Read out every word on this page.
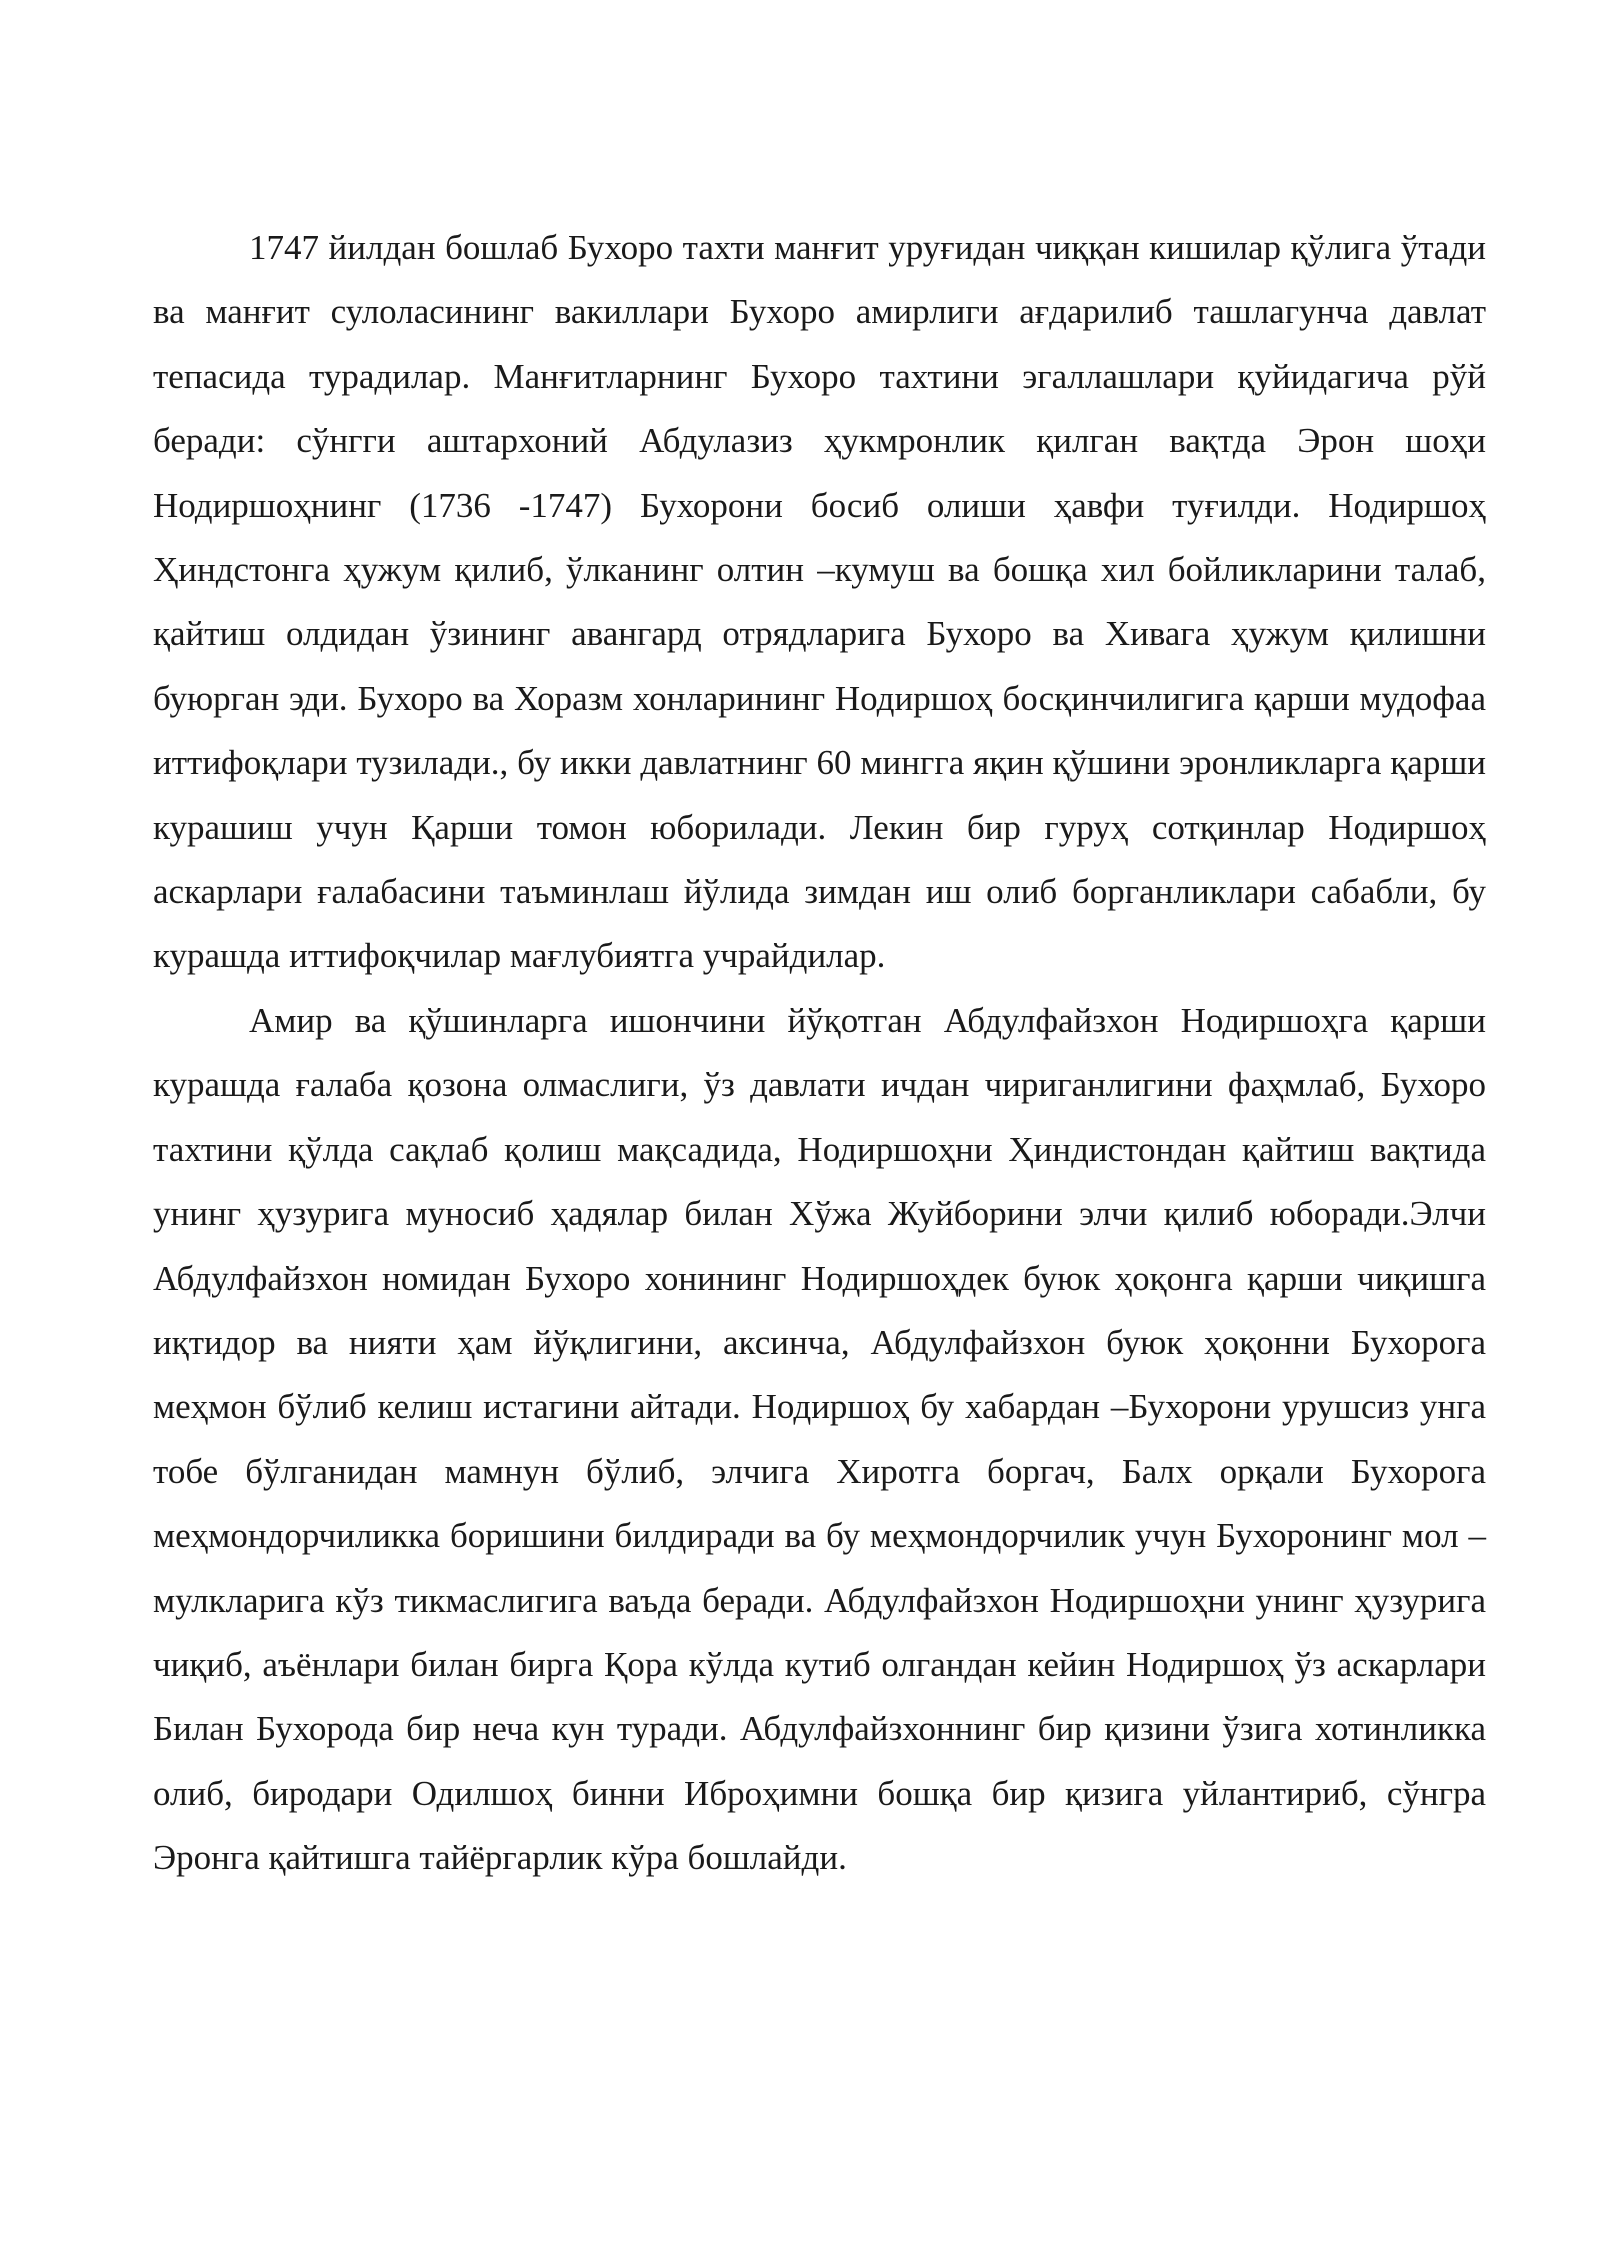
1747 йилдан бошлаб Бухоро тахти манғит уруғидан чиққан кишилар қўлига ўтади ва манғит сулоласининг вакиллари Бухоро амирлиги ағдарилиб ташлагунча давлат тепасида турадилар. Манғитларнинг Бухоро тахтини эгаллашлари қуйидагича рўй беради: сўнгги аштархоний Абдулазиз ҳукмронлик қилган вақтда Эрон шоҳи Нодиршоҳнинг (1736 -1747) Бухорони босиб олиши ҳавфи туғилди. Нодиршоҳ Ҳиндстонга ҳужум қилиб, ўлканинг олтин –кумуш ва бошқа хил бойликларини талаб, қайтиш олдидан ўзининг авангард отрядларига Бухоро ва Хивага ҳужум қилишни буюрган эди. Бухоро ва Хоразм хонларининг Нодиршоҳ босқинчилигига қарши мудофаа иттифоқлари тузилади., бу икки давлатнинг 60 мингга яқин қўшини эронликларга қарши курашиш учун Қарши томон юборилади. Лекин бир гуруҳ сотқинлар Нодиршоҳ аскарлари ғалабасини таъминлаш йўлида зимдан иш олиб борганликлари сабабли, бу курашда иттифоқчилар мағлубиятга учрайдилар.

Амир ва қўшинларга ишончини йўқотган Абдулфайзхон Нодиршоҳга қарши курашда ғалаба қозона олмаслиги, ўз давлати ичдан чириганлигини фаҳмлаб, Бухоро тахтини қўлда сақлаб қолиш мақсадида, Нодиршоҳни Ҳиндистондан қайтиш вақтида унинг ҳузурига муносиб ҳадялар билан Хўжа Жуйборини элчи қилиб юборади.Элчи Абдулфайзхон номидан Бухоро хонининг Нодиршоҳдек буюк ҳоқонга қарши чиқишга иқтидор ва нияти ҳам йўқлигини, аксинча, Абдулфайзхон буюк ҳоқонни Бухорога меҳмон бўлиб келиш истагини айтади. Нодиршоҳ бу хабардан –Бухорони урушсиз унга тобе бўлганидан мамнун бўлиб, элчига Хиротга боргач, Балх орқали Бухорога меҳмондорчиликка боришини билдиради ва бу меҳмондорчилик учун Бухоронинг мол –мулкларига кўз тикмаслигига ваъда беради. Абдулфайзхон Нодиршоҳни унинг ҳузурига чиқиб, аъёнлари билан бирга Қора кўлда кутиб олгандан кейин Нодиршоҳ ўз аскарлари Билан Бухорода бир неча кун туради. Абдулфайзхоннинг бир қизини ўзига хотинликка олиб, биродари Одилшоҳ бинни Иброҳимни бошқа бир қизига уйлантириб, сўнгра Эронга қайтишга тайёргарлик кўра бошлайди.
